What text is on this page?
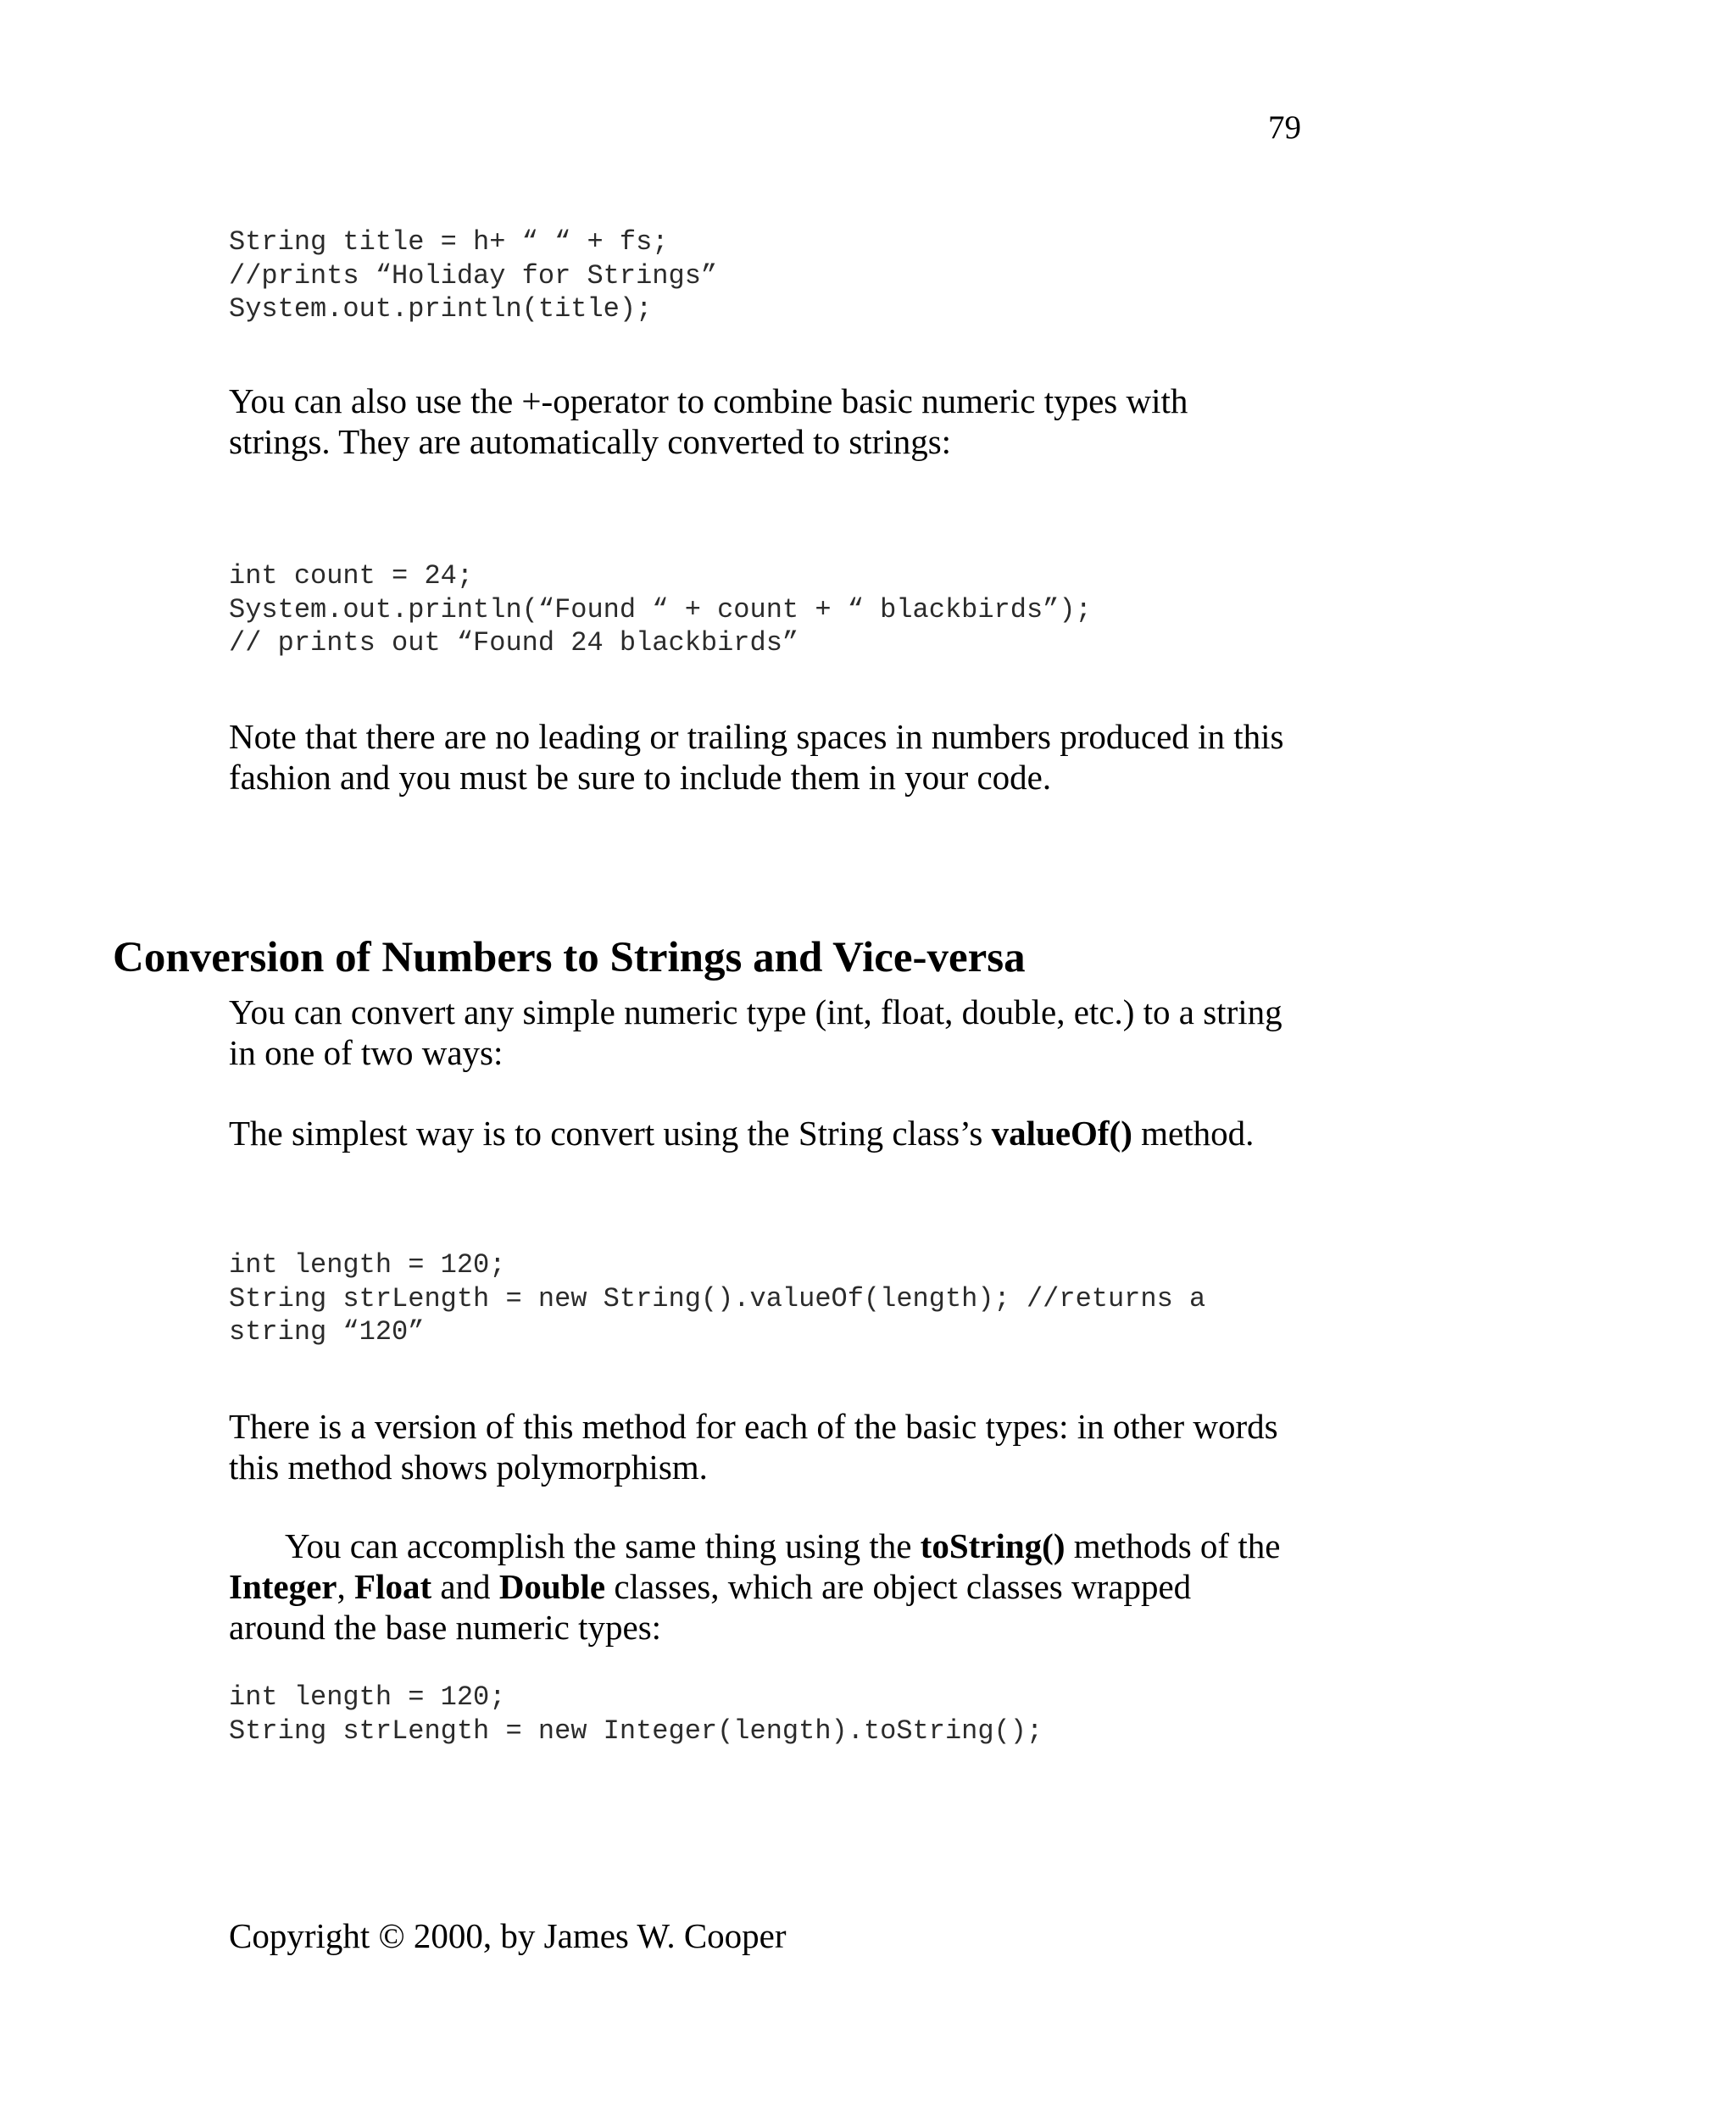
79
String title = h+ “ “ + fs;
//prints “Holiday for Strings”
System.out.println(title);
You can also use the +-operator to combine basic numeric types with
strings. They are automatically converted to strings:
int count = 24;
System.out.println(“Found “ + count + “ blackbirds”);
// prints out “Found 24 blackbirds”
Note that there are no leading or trailing spaces in numbers produced in this
fashion and you must be sure to include them in your code.
Conversion of Numbers to Strings and Vice-versa
You can convert any simple numeric type (int, float, double, etc.) to a string
in one of two ways:
The simplest way is to convert using the String class’s valueOf() method.
int length = 120;
String strLength = new String().valueOf(length); //returns a
string “120”
There is a version of this method for each of the basic types: in other words
this method shows polymorphism.
You can accomplish the same thing using the toString() methods of the
Integer, Float and Double classes, which are object classes wrapped
around the base numeric types:
int length = 120;
String strLength = new Integer(length).toString();
Copyright © 2000, by James W. Cooper
